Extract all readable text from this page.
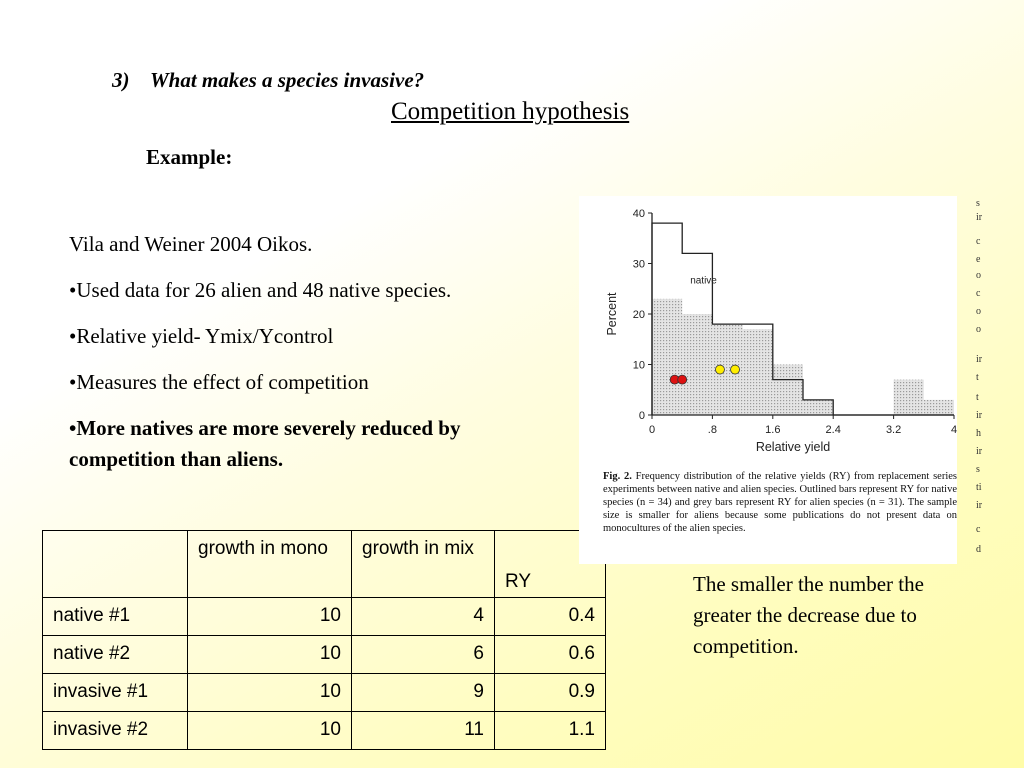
3) What makes a species invasive?
Competition hypothesis
Example:

Vila and Weiner 2004 Oikos.

•Used data for 26 alien and 48 native species.

•Relative yield- Ymix/Ycontrol

•Measures the effect of competition

•More natives are more severely reduced by competition than aliens.

	growth in mono	growth in mix	RY
native #1	10	4	0.4
native #2	10	6	0.6
invasive #1	10	9	0.9
invasive #2	10	11	1.1
0
10
20
30
40
0	.8	1.6	2.4	3.2	4
Relative yield
Percent
native
Fig. 2. Frequency distribution of the relative yields (RY) from replacement series experiments between native and alien species. Outlined bars represent RY for native species (n = 34) and grey bars represent RY for alien species (n = 31). The sample size is smaller for aliens because some publications do not present data on monocultures of the alien species.
s
ir
c
e
o
c
o
o
ir
t
t
ir
h
ir
s
ti
ir
c
d
The smaller the number the greater the decrease due to competition.
